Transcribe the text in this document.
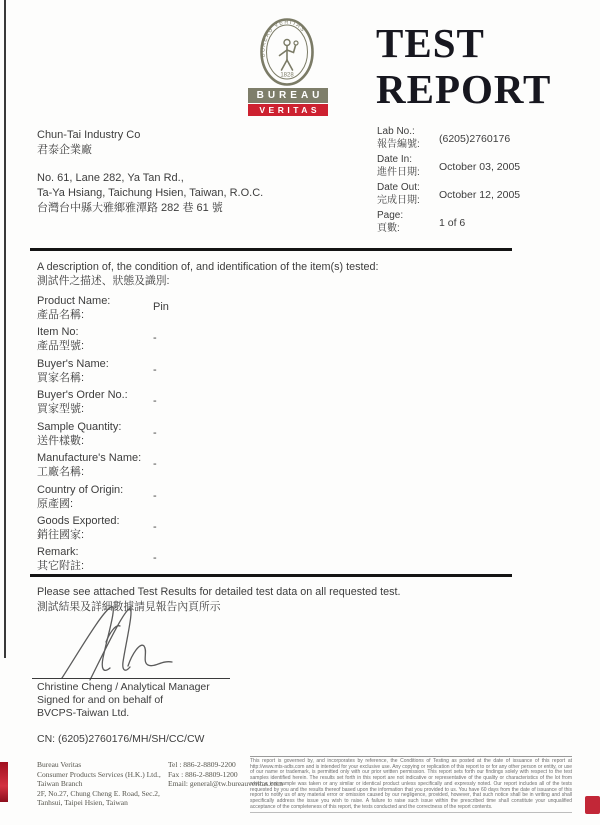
BUREAU VERITAS
1828
BUREAU
VERITAS
TEST
REPORT
Chun-Tai Industry Co
君泰企業廠
No. 61, Lane 282, Ya Tan Rd.,
Ta-Ya Hsiang, Taichung Hsien, Taiwan, R.O.C.
台灣台中縣大雅鄉雅潭路 282 巷 61 號
Lab No.:
報告編號: (6205)2760176
Date In:
進件日期: October 03, 2005
Date Out:
完成日期: October 12, 2005
Page:
頁數:	1 of 6
A description of, the condition of, and identification of the item(s) tested:
測試件之描述、狀態及識別:
Product Name:
產品名稱:
Pin
Item No:
產品型號:
-
Buyer's Name:
買家名稱:
-
Buyer's Order No.:
買家型號:
-
Sample Quantity:
送件樣數:
-
Manufacture's Name:
工廠名稱:
-
Country of Origin:
原產國:
-
Goods Exported:
銷往國家:
-
Remark:
其它附註:
-
Please see attached Test Results for detailed test data on all requested test.
測試結果及詳細數據請見報告內頁所示
Christine Cheng / Analytical Manager
Signed for and on behalf of
BVCPS-Taiwan Ltd.
CN: (6205)2760176/MH/SH/CC/CW
Bureau Veritas
Consumer Products Services (H.K.) Ltd.,
Taiwan Branch
2F, No.27, Chung Cheng E. Road, Sec.2,
Tanhsui, Taipei Hsien, Taiwan
Tel : 886-2-8809-2200
Fax : 886-2-8809-1200
Email: general@tw.bureauveritas.com
This report is governed by, and incorporates by reference, the Conditions of Testing as posted at the date of issuance of this report at http://www.mts-adts.com and is intended for your exclusive use. Any copying or replication of this report to or for any other person or entity, or use of our name or trademark, is permitted only with our prior written permission. This report sets forth our findings solely with respect to the test samples identified herein. The results set forth in this report are not indicative or representative of the quality or characteristics of the lot from which a test sample was taken or any similar or identical product unless specifically and expressly noted. Our report includes all of the tests requested by you and the results thereof based upon the information that you provided to us. You have 60 days from the date of issuance of this report to notify us of any material error or omission caused by our negligence, provided, however, that such notice shall be in writing and shall specifically address the issue you wish to raise. A failure to raise such issue within the prescribed time shall constitute your unqualified acceptance of the completeness of this report, the tests conducted and the correctness of the report contents.
